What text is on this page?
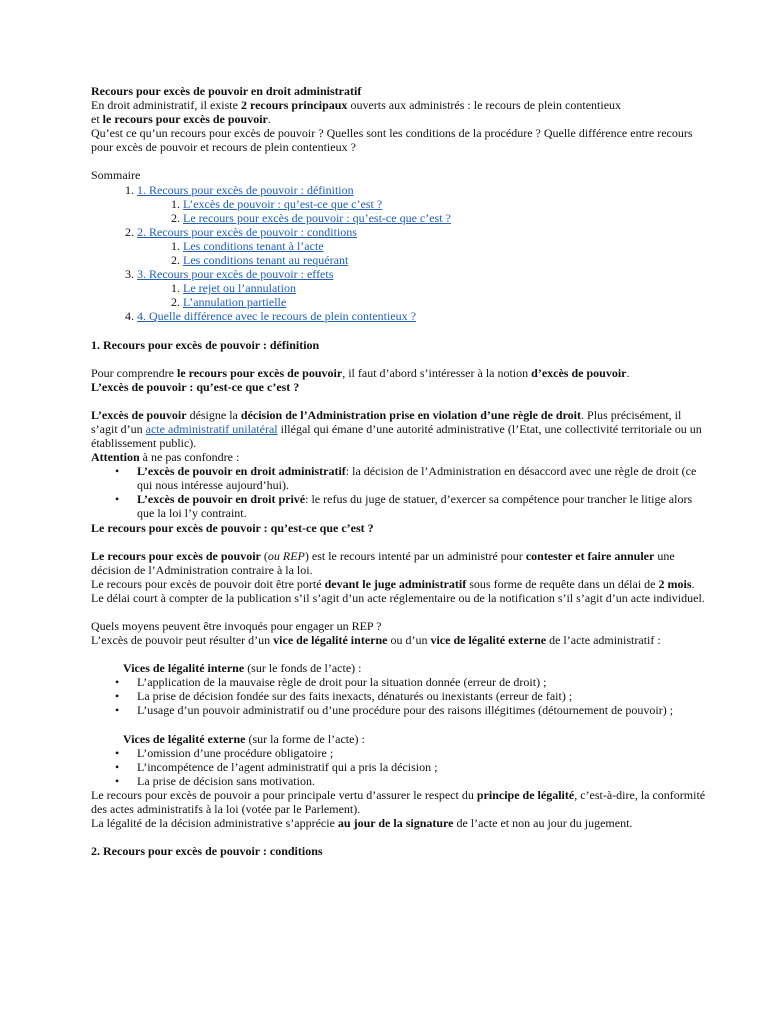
Recours pour excès de pouvoir en droit administratif

En droit administratif, il existe 2 recours principaux ouverts aux administrés : le recours de plein contentieux

et le recours pour excès de pouvoir.

Qu’est ce qu’un recours pour excès de pouvoir ? Quelles sont les conditions de la procédure ? Quelle différence entre recours pour excès de pouvoir et recours de plein contentieux ?

Sommaire

1. 1. Recours pour excès de pouvoir : définition
1. L’excès de pouvoir : qu’est-ce que c’est ?
2. Le recours pour excès de pouvoir : qu’est-ce que c’est ?
2. 2. Recours pour excès de pouvoir : conditions
1. Les conditions tenant à l’acte
2. Les conditions tenant au requérant
3. 3. Recours pour excès de pouvoir : effets
1. Le rejet ou l’annulation
2. L’annulation partielle
4. 4. Quelle différence avec le recours de plein contentieux ?

1. Recours pour excès de pouvoir : définition

Pour comprendre le recours pour excès de pouvoir, il faut d’abord s’intéresser à la notion d’excès de pouvoir.

L’excès de pouvoir : qu’est-ce que c’est ?

L’excès de pouvoir désigne la décision de l’Administration prise en violation d’une règle de droit. Plus précisément, il s’agit d’un acte administratif unilatéral illégal qui émane d’une autorité administrative (l’Etat, une collectivité territoriale ou un établissement public).

Attention à ne pas confondre :

• L’excès de pouvoir en droit administratif: la décision de l’Administration en désaccord avec une règle de droit (ce qui nous intéresse aujourd’hui).
• L’excès de pouvoir en droit privé: le refus du juge de statuer, d’exercer sa compétence pour trancher le litige alors que la loi l’y contraint.

Le recours pour excès de pouvoir : qu’est-ce que c’est ?

Le recours pour excès de pouvoir (ou REP) est le recours intenté par un administré pour contester et faire annuler une décision de l’Administration contraire à la loi.

Le recours pour excès de pouvoir doit être porté devant le juge administratif sous forme de requête dans un délai de 2 mois. Le délai court à compter de la publication s’il s’agit d’un acte réglementaire ou de la notification s’il s’agit d’un acte individuel.

Quels moyens peuvent être invoqués pour engager un REP ?

L’excès de pouvoir peut résulter d’un vice de légalité interne ou d’un vice de légalité externe de l’acte administratif :

Vices de légalité interne (sur le fonds de l’acte) :

• L’application de la mauvaise règle de droit pour la situation donnée (erreur de droit) ;
• La prise de décision fondée sur des faits inexacts, dénaturés ou inexistants (erreur de fait) ;
• L’usage d’un pouvoir administratif ou d’une procédure pour des raisons illégitimes (détournement de pouvoir) ;

Vices de légalité externe (sur la forme de l’acte) :

• L’omission d’une procédure obligatoire ;
• L’incompétence de l’agent administratif qui a pris la décision ;
• La prise de décision sans motivation.

Le recours pour excès de pouvoir a pour principale vertu d’assurer le respect du principe de légalité, c’est-à-dire, la conformité des actes administratifs à la loi (votée par le Parlement).

La légalité de la décision administrative s’apprécie au jour de la signature de l’acte et non au jour du jugement.

2. Recours pour excès de pouvoir : conditions
